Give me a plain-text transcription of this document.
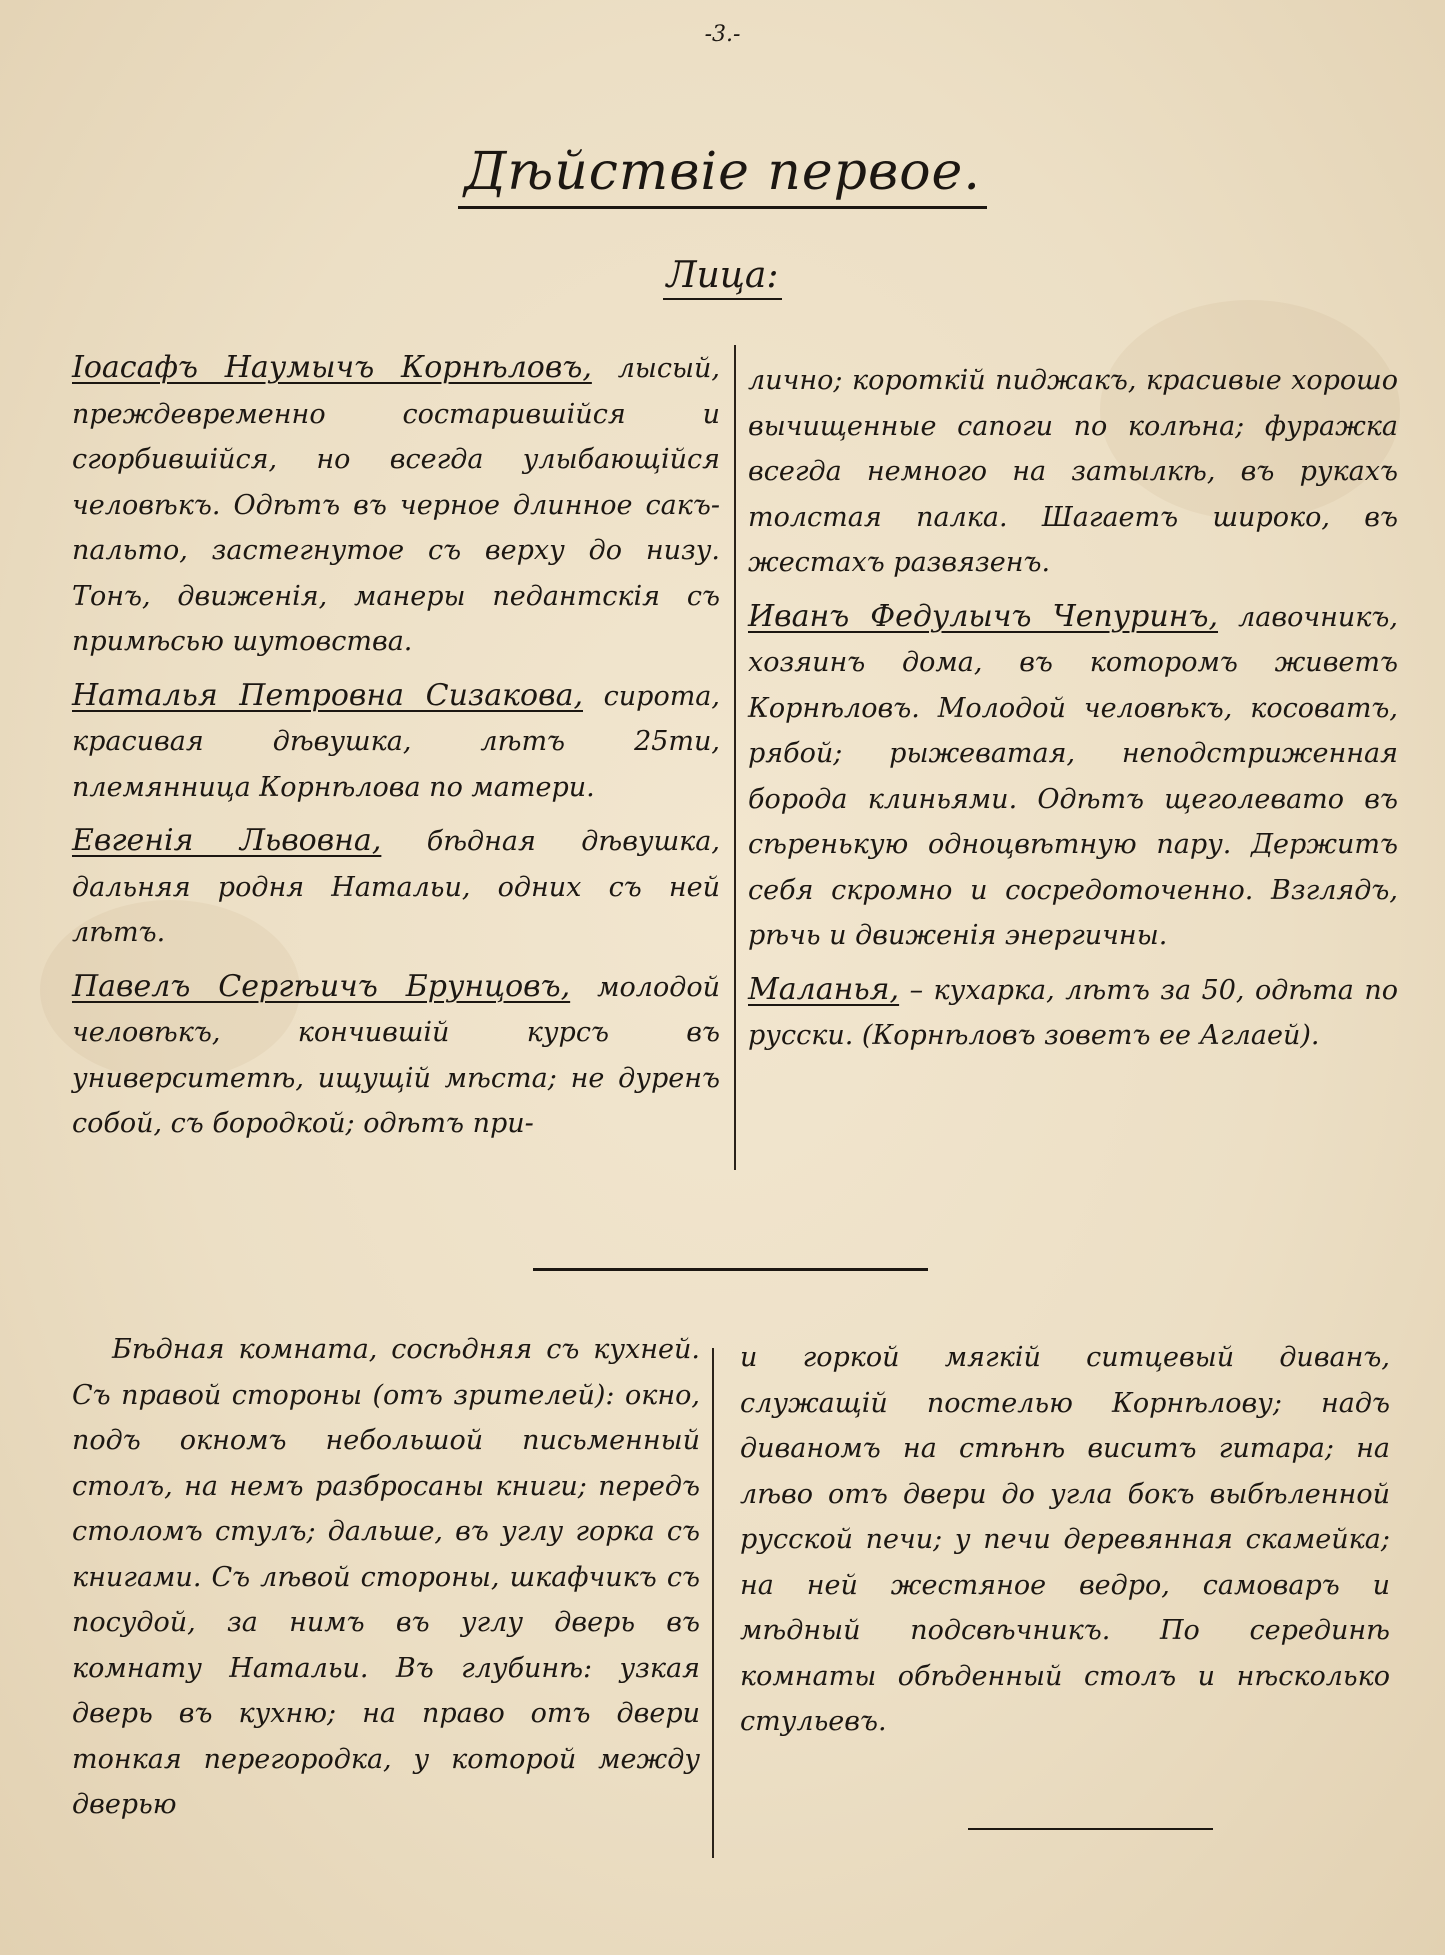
-3.-
Дѣйствіе первое.
Лица:

Іоасафъ Наумычъ Корнѣловъ, лысый, преждевременно состарившійся и сгорбившійся, но всегда улыбающійся человѣкъ. Одѣтъ въ черное длинное сакъ-пальто, застегнутое съ верху до низу. Тонъ, движенія, манеры педантскія съ примѣсью шутовства.

Наталья Петровна Сизакова, сирота, красивая дѣвушка, лѣтъ 25ти, племянница Корнѣлова по матери.

Евгенія Львовна, бѣдная дѣвушка, дальняя родня Натальи, одних съ ней лѣтъ.

Павелъ Сергѣичъ Брунцовъ, молодой человѣкъ, кончившій курсъ въ университетѣ, ищущій мѣста; не дуренъ собой, съ бородкой; одѣтъ при-

лично; короткій пиджакъ, красивые хорошо вычищенные сапоги по колѣна; фуражка всегда немного на затылкѣ, въ рукахъ толстая палка. Шагаетъ широко, въ жестахъ развязенъ.

Иванъ Федулычъ Чепуринъ, лавочникъ, хозяинъ дома, въ которомъ живетъ Корнѣловъ. Молодой человѣкъ, косоватъ, рябой; рыжеватая, неподстриженная борода клиньями. Одѣтъ щеголевато въ сѣренькую одноцвѣтную пару. Держитъ себя скромно и сосредоточенно. Взглядъ, рѣчь и движенія энергичны.

Маланья, – кухарка, лѣтъ за 50, одѣта по русски. (Корнѣловъ зоветъ ее Аглаей).

Бѣдная комната, сосѣдняя съ кухней. Съ правой стороны (отъ зрителей): окно, подъ окномъ небольшой письменный столъ, на немъ разбросаны книги; передъ столомъ стулъ; дальше, въ углу горка съ книгами. Съ лѣвой стороны, шкафчикъ съ посудой, за нимъ въ углу дверь въ комнату Натальи. Въ глубинѣ: узкая дверь въ кухню; на право отъ двери тонкая перегородка, у которой между дверью

и горкой мягкій ситцевый диванъ, служащій постелью Корнѣлову; надъ диваномъ на стѣнѣ виситъ гитара; на лѣво отъ двери до угла бокъ выбѣленной русской печи; у печи деревянная скамейка; на ней жестяное ведро, самоваръ и мѣдный подсвѣчникъ. По серединѣ комнаты обѣденный столъ и нѣсколько стульевъ.
